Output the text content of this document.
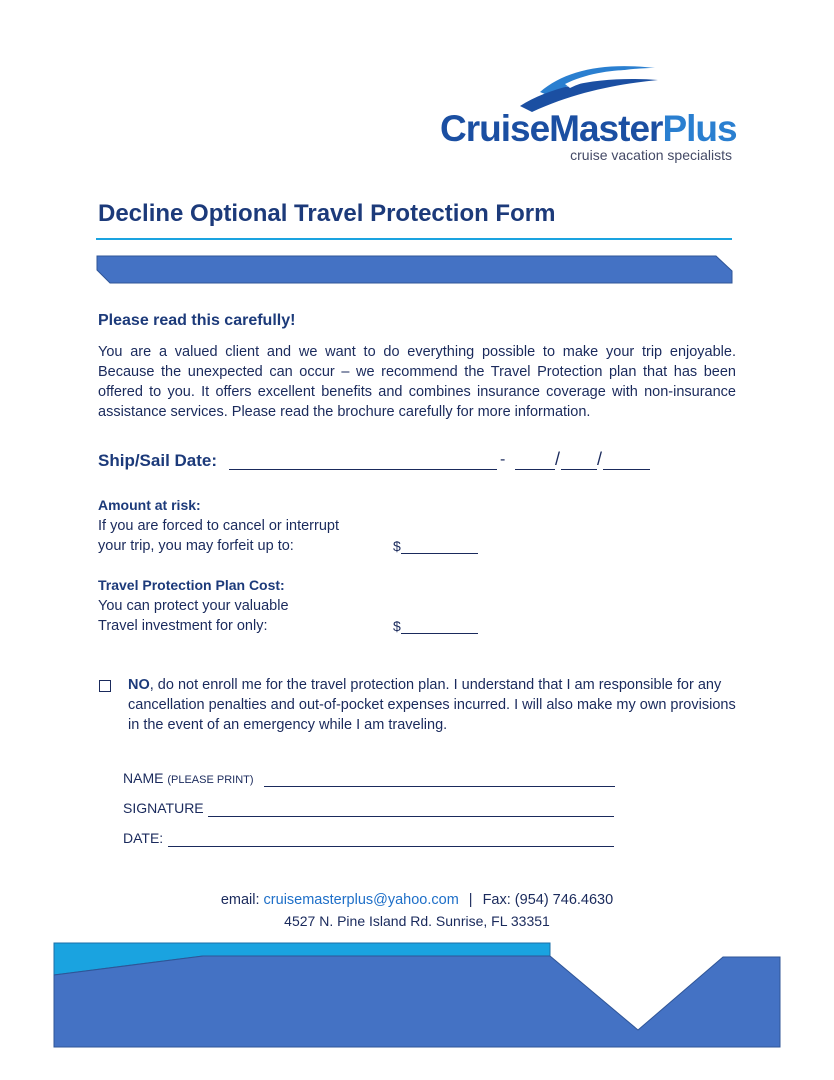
CruiseMasterPlus
cruise vacation specialists
Decline Optional Travel Protection Form
Please read this carefully!
You are a valued client and we want to do everything possible to make your trip enjoyable. Because the unexpected can occur – we recommend the Travel Protection plan that has been offered to you. It offers excellent benefits and combines insurance coverage with non-insurance assistance services. Please read the brochure carefully for more information.
Ship/Sail Date:	-	/ /
Amount at risk:
If you are forced to cancel or interrupt
your trip, you may forfeit up to:	$
Travel Protection Plan Cost:
You can protect your valuable
Travel investment for only:	$
NO, do not enroll me for the travel protection plan. I understand that I am responsible for any cancellation penalties and out-of-pocket expenses incurred. I will also make my own provisions in the event of an emergency while I am traveling.
NAME (PLEASE PRINT)
SIGNATURE
DATE:
email: cruisemasterplus@yahoo.com | Fax: (954) 746.4630
4527 N. Pine Island Rd. Sunrise, FL 33351
